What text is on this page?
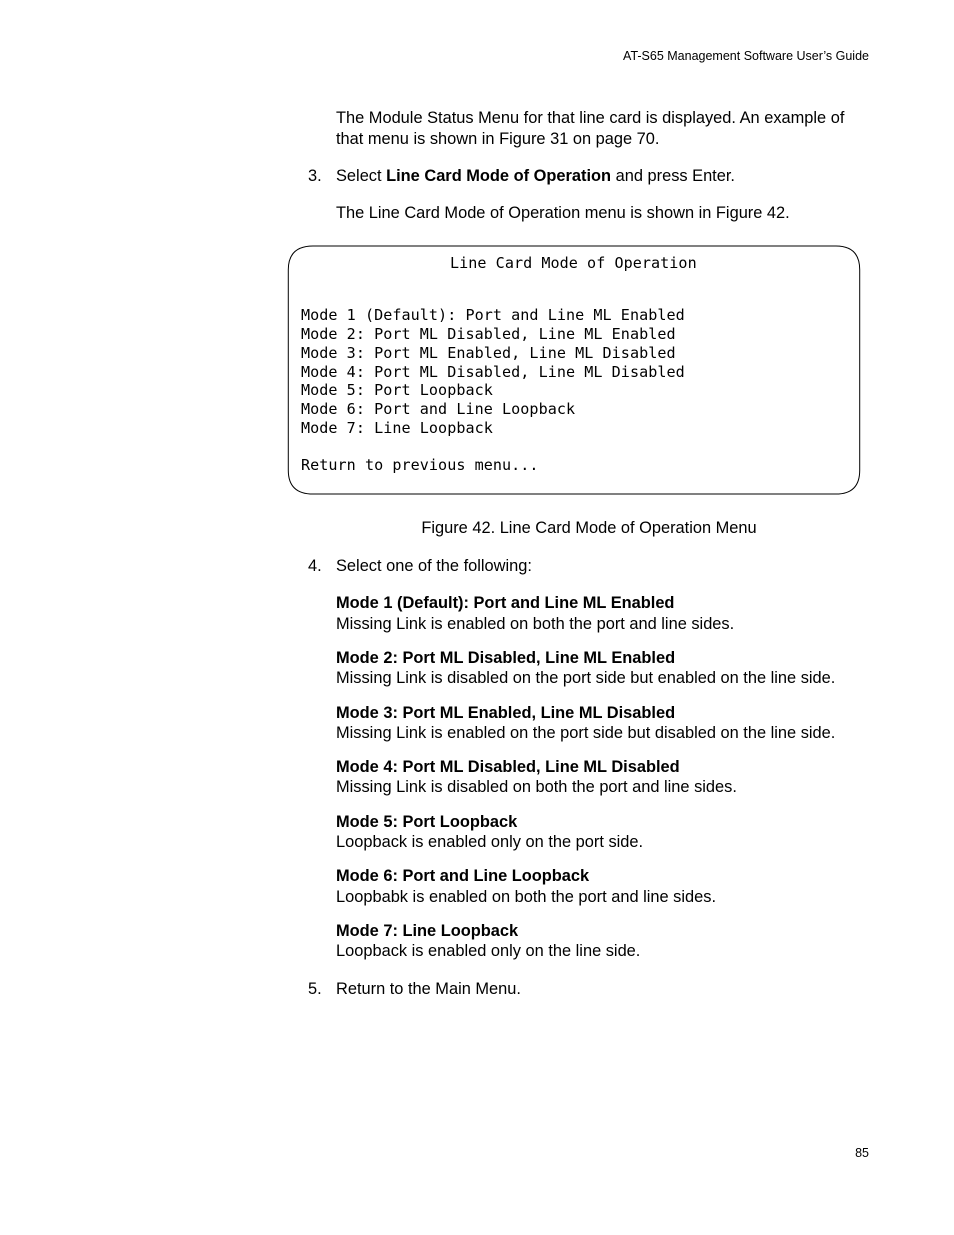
AT-S65 Management Software User’s Guide
The Module Status Menu for that line card is displayed. An example of
that menu is shown in Figure 31 on page 70.
3. Select Line Card Mode of Operation and press Enter.
The Line Card Mode of Operation menu is shown in Figure 42.
Line Card Mode of Operation
Mode 1 (Default): Port and Line ML Enabled
Mode 2: Port ML Disabled, Line ML Enabled
Mode 3: Port ML Enabled, Line ML Disabled
Mode 4: Port ML Disabled, Line ML Disabled
Mode 5: Port Loopback
Mode 6: Port and Line Loopback
Mode 7: Line Loopback
Return to previous menu...
Figure 42. Line Card Mode of Operation Menu
4. Select one of the following:
Mode 1 (Default): Port and Line ML Enabled
Missing Link is enabled on both the port and line sides.
Mode 2: Port ML Disabled, Line ML Enabled
Missing Link is disabled on the port side but enabled on the line side.
Mode 3: Port ML Enabled, Line ML Disabled
Missing Link is enabled on the port side but disabled on the line side.
Mode 4: Port ML Disabled, Line ML Disabled
Missing Link is disabled on both the port and line sides.
Mode 5: Port Loopback
Loopback is enabled only on the port side.
Mode 6: Port and Line Loopback
Loopbabk is enabled on both the port and line sides.
Mode 7: Line Loopback
Loopback is enabled only on the line side.
5. Return to the Main Menu.
85
